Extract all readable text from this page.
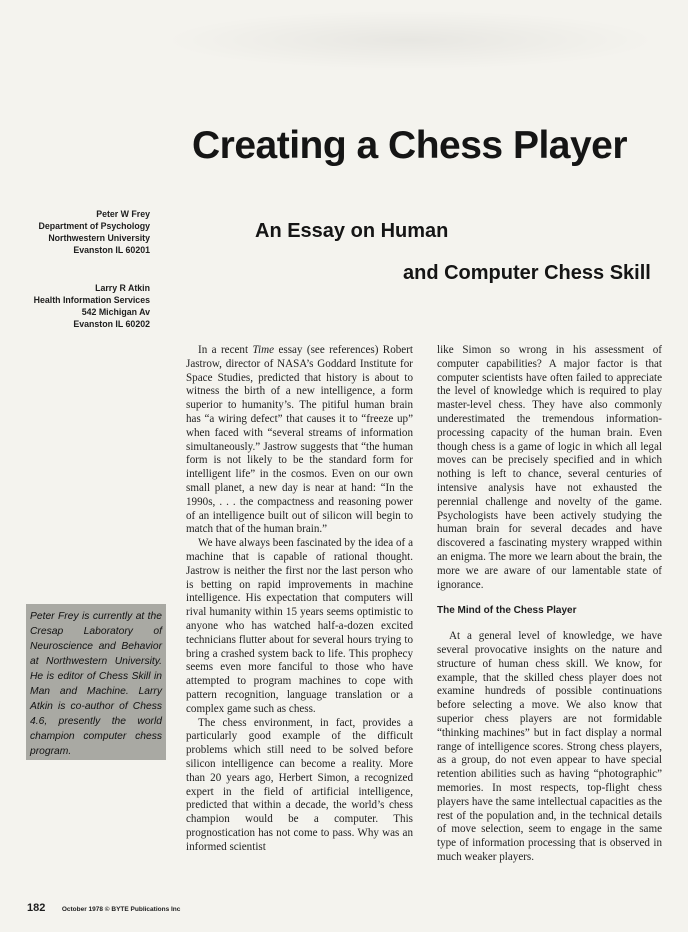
Creating a Chess Player
An Essay on Human
and Computer Chess Skill
Peter W Frey
Department of Psychology
Northwestern University
Evanston IL 60201
Larry R Atkin
Health Information Services
542 Michigan Av
Evanston IL 60202
Peter Frey is currently at the Cresap Laboratory of Neuroscience and Behavior at Northwestern University. He is editor of Chess Skill in Man and Machine. Larry Atkin is co-author of Chess 4.6, presently the world champion computer chess program.

In a recent Time essay (see references) Robert Jastrow, director of NASA’s Goddard Institute for Space Studies, predicted that history is about to witness the birth of a new intelligence, a form superior to humanity’s. The pitiful human brain has “a wiring defect” that causes it to “freeze up” when faced with “several streams of information simultaneously.” Jastrow suggests that “the human form is not likely to be the standard form for intelligent life” in the cosmos. Even on our own small planet, a new day is near at hand: “In the 1990s, . . . the compactness and reasoning power of an intelligence built out of silicon will begin to match that of the human brain.”

We have always been fascinated by the idea of a machine that is capable of rational thought. Jastrow is neither the first nor the last person who is betting on rapid improvements in machine intelligence. His expectation that computers will rival humanity within 15 years seems optimistic to anyone who has watched half-a-dozen excited technicians flutter about for several hours trying to bring a crashed system back to life. This prophecy seems even more fanciful to those who have attempted to program machines to cope with pattern recognition, language translation or a complex game such as chess.

The chess environment, in fact, provides a particularly good example of the difficult problems which still need to be solved before silicon intelligence can become a reality. More than 20 years ago, Herbert Simon, a recognized expert in the field of artificial intelligence, predicted that within a decade, the world’s chess champion would be a computer. This prognostication has not come to pass. Why was an informed scientist

like Simon so wrong in his assessment of computer capabilities? A major factor is that computer scientists have often failed to appreciate the level of knowledge which is required to play master-level chess. They have also commonly underestimated the tremendous information-processing capacity of the human brain. Even though chess is a game of logic in which all legal moves can be precisely specified and in which nothing is left to chance, several centuries of intensive analysis have not exhausted the perennial challenge and novelty of the game. Psychologists have been actively studying the human brain for several decades and have discovered a fascinating mystery wrapped within an enigma. The more we learn about the brain, the more we are aware of our lamentable state of ignorance.

The Mind of the Chess Player

At a general level of knowledge, we have several provocative insights on the nature and structure of human chess skill. We know, for example, that the skilled chess player does not examine hundreds of possible continuations before selecting a move. We also know that superior chess players are not formidable “thinking machines” but in fact display a normal range of intelligence scores. Strong chess players, as a group, do not even appear to have special retention abilities such as having “photographic” memories. In most respects, top-flight chess players have the same intellectual capacities as the rest of the population and, in the technical details of move selection, seem to engage in the same type of information processing that is observed in much weaker players.

182	October 1978 © BYTE Publications Inc
